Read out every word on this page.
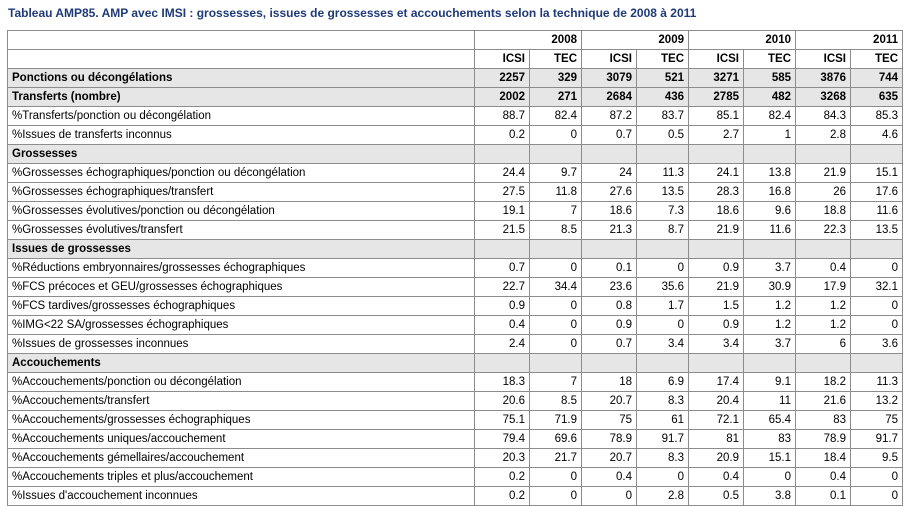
Tableau AMP85. AMP avec IMSI : grossesses, issues de grossesses et accouchements selon la technique de 2008 à 2011
	2008		2009		2010		2011	
	ICSI	TEC	ICSI	TEC	ICSI	TEC	ICSI	TEC
Ponctions ou décongélations	2257	329	3079	521	3271	585	3876	744
Transferts (nombre)	2002	271	2684	436	2785	482	3268	635
%Transferts/ponction ou décongélation	88.7	82.4	87.2	83.7	85.1	82.4	84.3	85.3
%Issues de transferts inconnus	0.2	0	0.7	0.5	2.7	1	2.8	4.6
Grossesses								
%Grossesses échographiques/ponction ou décongélation	24.4	9.7	24	11.3	24.1	13.8	21.9	15.1
%Grossesses échographiques/transfert	27.5	11.8	27.6	13.5	28.3	16.8	26	17.6
%Grossesses évolutives/ponction ou décongélation	19.1	7	18.6	7.3	18.6	9.6	18.8	11.6
%Grossesses évolutives/transfert	21.5	8.5	21.3	8.7	21.9	11.6	22.3	13.5
Issues de grossesses								
%Réductions embryonnaires/grossesses échographiques	0.7	0	0.1	0	0.9	3.7	0.4	0
%FCS précoces et GEU/grossesses échographiques	22.7	34.4	23.6	35.6	21.9	30.9	17.9	32.1
%FCS tardives/grossesses échographiques	0.9	0	0.8	1.7	1.5	1.2	1.2	0
%IMG<22 SA/grossesses échographiques	0.4	0	0.9	0	0.9	1.2	1.2	0
%Issues de grossesses inconnues	2.4	0	0.7	3.4	3.4	3.7	6	3.6
Accouchements								
%Accouchements/ponction ou décongélation	18.3	7	18	6.9	17.4	9.1	18.2	11.3
%Accouchements/transfert	20.6	8.5	20.7	8.3	20.4	11	21.6	13.2
%Accouchements/grossesses échographiques	75.1	71.9	75	61	72.1	65.4	83	75
%Accouchements uniques/accouchement	79.4	69.6	78.9	91.7	81	83	78.9	91.7
%Accouchements gémellaires/accouchement	20.3	21.7	20.7	8.3	20.9	15.1	18.4	9.5
%Accouchements triples et plus/accouchement	0.2	0	0.4	0	0.4	0	0.4	0
%Issues d'accouchement inconnues	0.2	0	0	2.8	0.5	3.8	0.1	0
